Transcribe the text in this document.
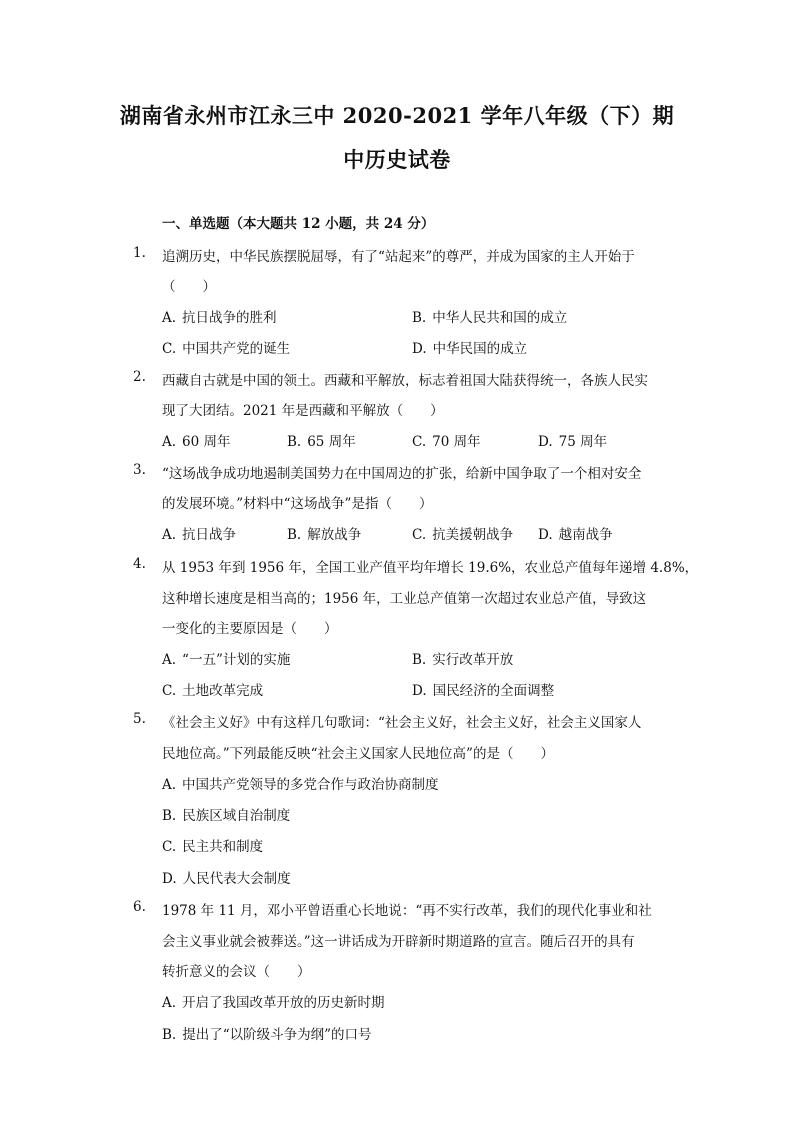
湖南省永州市江永三中 2020-2021 学年八年级（下）期
中历史试卷
一、单选题（本大题共 12 小题，共 24 分）
1. 追溯历史，中华民族摆脱屈辱，有了“站起来”的尊严，并成为国家的主人开始于
（　　）
A. 抗日战争的胜利	B. 中华人民共和国的成立
C. 中国共产党的诞生	D. 中华民国的成立
2. 西藏自古就是中国的领土。西藏和平解放，标志着祖国大陆获得统一，各族人民实
现了大团结。2021 年是西藏和平解放（　　）
A. 60 周年	B. 65 周年	C. 70 周年	D. 75 周年
3. “这场战争成功地遏制美国势力在中国周边的扩张，给新中国争取了一个相对安全
的发展环境。”材料中“这场战争”是指（　　）
A. 抗日战争	B. 解放战争	C. 抗美援朝战争 D. 越南战争
4. 从 1953 年到 1956 年，全国工业产值平均年增长 19.6%，农业总产值每年递增 4.8%，
这种增长速度是相当高的；1956 年，工业总产值第一次超过农业总产值，导致这
一变化的主要原因是（　　）
A. “一五”计划的实施	B. 实行改革开放
C. 土地改革完成	D. 国民经济的全面调整
5. 《社会主义好》中有这样几句歌词：“社会主义好，社会主义好，社会主义国家人
民地位高。”下列最能反映“社会主义国家人民地位高”的是（　　）
A. 中国共产党领导的多党合作与政治协商制度
B. 民族区域自治制度
C. 民主共和制度
D. 人民代表大会制度
6. 1978 年 11 月，邓小平曾语重心长地说：“再不实行改革，我们的现代化事业和社
会主义事业就会被葬送。”这一讲话成为开辟新时期道路的宣言。随后召开的具有
转折意义的会议（　　）
A. 开启了我国改革开放的历史新时期
B. 提出了“以阶级斗争为纲”的口号
